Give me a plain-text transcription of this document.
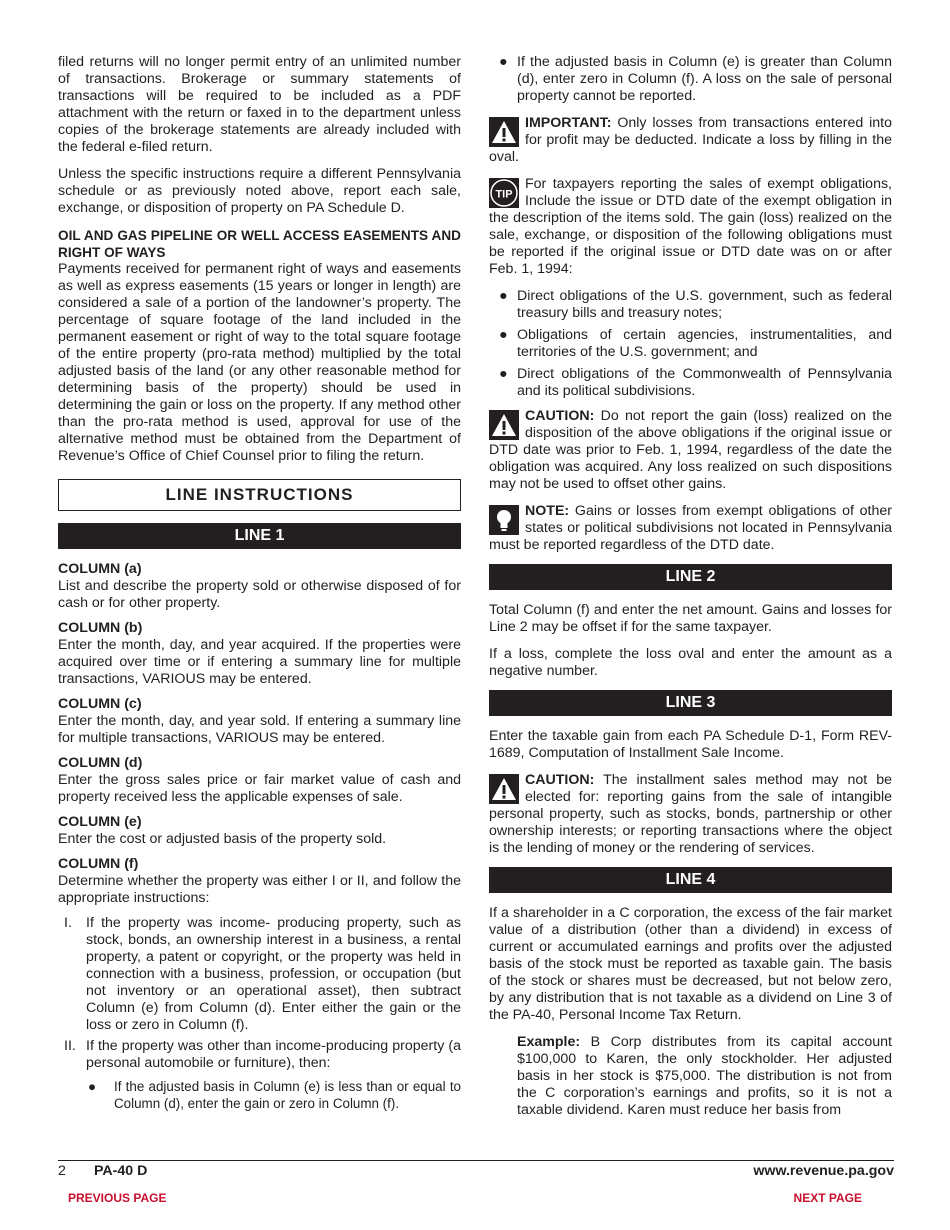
filed returns will no longer permit entry of an unlimited number of transactions. Brokerage or summary statements of transactions will be required to be included as a PDF attachment with the return or faxed in to the department unless copies of the brokerage statements are already included with the federal e-filed return.

Unless the specific instructions require a different Pennsylvania schedule or as previously noted above, report each sale, exchange, or disposition of property on PA Schedule D.

OIL AND GAS PIPELINE OR WELL ACCESS EASEMENTS AND RIGHT OF WAYS

Payments received for permanent right of ways and easements as well as express easements (15 years or longer in length) are considered a sale of a portion of the landowner’s property. The percentage of square footage of the land included in the permanent easement or right of way to the total square footage of the entire property (pro-rata method) multiplied by the total adjusted basis of the land (or any other reasonable method for determining basis of the property) should be used in determining the gain or loss on the property. If any method other than the pro-rata method is used, approval for use of the alternative method must be obtained from the Department of Revenue’s Office of Chief Counsel prior to filing the return.

LINE INSTRUCTIONS
LINE 1

COLUMN (a)

List and describe the property sold or otherwise disposed of for cash or for other property.

COLUMN (b)

Enter the month, day, and year acquired. If the properties were acquired over time or if entering a summary line for multiple transactions, VARIOUS may be entered.

COLUMN (c)

Enter the month, day, and year sold. If entering a summary line for multiple transactions, VARIOUS may be entered.

COLUMN (d)

Enter the gross sales price or fair market value of cash and property received less the applicable expenses of sale.

COLUMN (e)

Enter the cost or adjusted basis of the property sold.

COLUMN (f)

Determine whether the property was either I or II, and follow the appropriate instructions:

I. If the property was income- producing property, such as stock, bonds, an ownership interest in a business, a rental property, a patent or copyright, or the property was held in connection with a business, profession, or occupation (but not inventory or an operational asset), then subtract Column (e) from Column (d). Enter either the gain or the loss or zero in Column (f).
II. If the property was other than income-producing property (a personal automobile or furniture), then:
● If the adjusted basis in Column (e) is less than or equal to Column (d), enter the gain or zero in Column (f).
● If the adjusted basis in Column (e) is greater than Column (d), enter zero in Column (f). A loss on the sale of personal property cannot be reported.
IMPORTANT: Only losses from transactions entered into for profit may be deducted. Indicate a loss by filling in the oval.
TIP
For taxpayers reporting the sales of exempt obligations, Include the issue or DTD date of the exempt obligation in the description of the items sold. The gain (loss) realized on the sale, exchange, or disposition of the following obligations must be reported if the original issue or DTD date was on or after Feb. 1, 1994:
● Direct obligations of the U.S. government, such as federal treasury bills and treasury notes;
● Obligations of certain agencies, instrumentalities, and territories of the U.S. government; and
● Direct obligations of the Commonwealth of Pennsylvania and its political subdivisions.
CAUTION: Do not report the gain (loss) realized on the disposition of the above obligations if the original issue or DTD date was prior to Feb. 1, 1994, regardless of the date the obligation was acquired. Any loss realized on such dispositions may not be used to offset other gains.
NOTE: Gains or losses from exempt obligations of other states or political subdivisions not located in Pennsylvania must be reported regardless of the DTD date.
LINE 2

Total Column (f) and enter the net amount. Gains and losses for Line 2 may be offset if for the same taxpayer.

If a loss, complete the loss oval and enter the amount as a negative number.

LINE 3

Enter the taxable gain from each PA Schedule D-1, Form REV-1689, Computation of Installment Sale Income.

CAUTION: The installment sales method may not be elected for: reporting gains from the sale of intangible personal property, such as stocks, bonds, partnership or other ownership interests; or reporting transactions where the object is the lending of money or the rendering of services.
LINE 4

If a shareholder in a C corporation, the excess of the fair market value of a distribution (other than a dividend) in excess of current or accumulated earnings and profits over the adjusted basis of the stock must be reported as taxable gain. The basis of the stock or shares must be decreased, but not below zero, by any distribution that is not taxable as a dividend on Line 3 of the PA-40, Personal Income Tax Return.

Example: B Corp distributes from its capital account $100,000 to Karen, the only stockholder. Her adjusted basis in her stock is $75,000. The distribution is not from the C corporation’s earnings and profits, so it is not a taxable dividend. Karen must reduce her basis from
2 PA-40 D	www.revenue.pa.gov
PREVIOUS PAGE	NEXT PAGE
